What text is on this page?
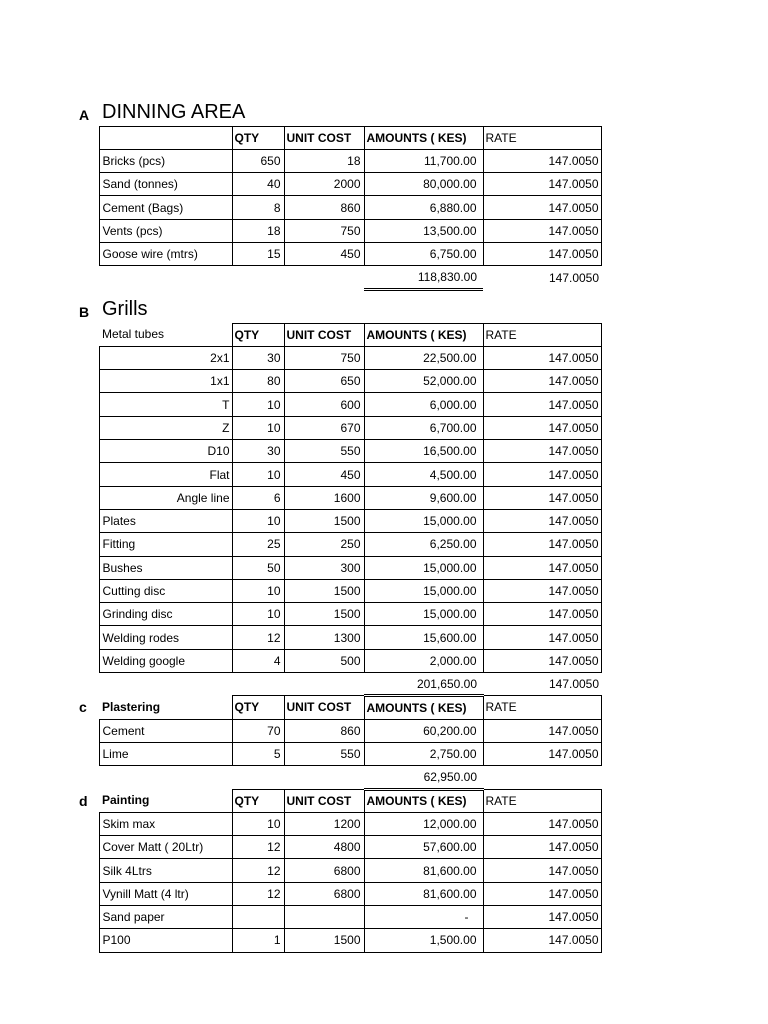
A	DINNING AREA				
		QTY	UNIT COST	AMOUNTS ( KES)	RATE
	Bricks (pcs)	650	18	11,700.00	147.0050
	Sand (tonnes)	40	2000	80,000.00	147.0050
	Cement (Bags)	8	860	6,880.00	147.0050
	Vents (pcs)	18	750	13,500.00	147.0050
	Goose wire (mtrs)	15	450	6,750.00	147.0050
				118,830.00	147.0050
B	Grills				
	Metal tubes	QTY	UNIT COST	AMOUNTS ( KES)	RATE
	2x1	30	750	22,500.00	147.0050
	1x1	80	650	52,000.00	147.0050
	T	10	600	6,000.00	147.0050
	Z	10	670	6,700.00	147.0050
	D10	30	550	16,500.00	147.0050
	Flat	10	450	4,500.00	147.0050
	Angle line	6	1600	9,600.00	147.0050
	Plates	10	1500	15,000.00	147.0050
	Fitting	25	250	6,250.00	147.0050
	Bushes	50	300	15,000.00	147.0050
	Cutting disc	10	1500	15,000.00	147.0050
	Grinding disc	10	1500	15,000.00	147.0050
	Welding rodes	12	1300	15,600.00	147.0050
	Welding google	4	500	2,000.00	147.0050
				201,650.00	147.0050
c	Plastering	QTY	UNIT COST	AMOUNTS ( KES)	RATE
	Cement	70	860	60,200.00	147.0050
	Lime	5	550	2,750.00	147.0050
				62,950.00	
d	Painting	QTY	UNIT COST	AMOUNTS ( KES)	RATE
	Skim max	10	1200	12,000.00	147.0050
	Cover Matt ( 20Ltr)	12	4800	57,600.00	147.0050
	Silk 4Ltrs	12	6800	81,600.00	147.0050
	Vynill Matt (4 ltr)	12	6800	81,600.00	147.0050
	Sand paper			-	147.0050
	P100	1	1500	1,500.00	147.0050
